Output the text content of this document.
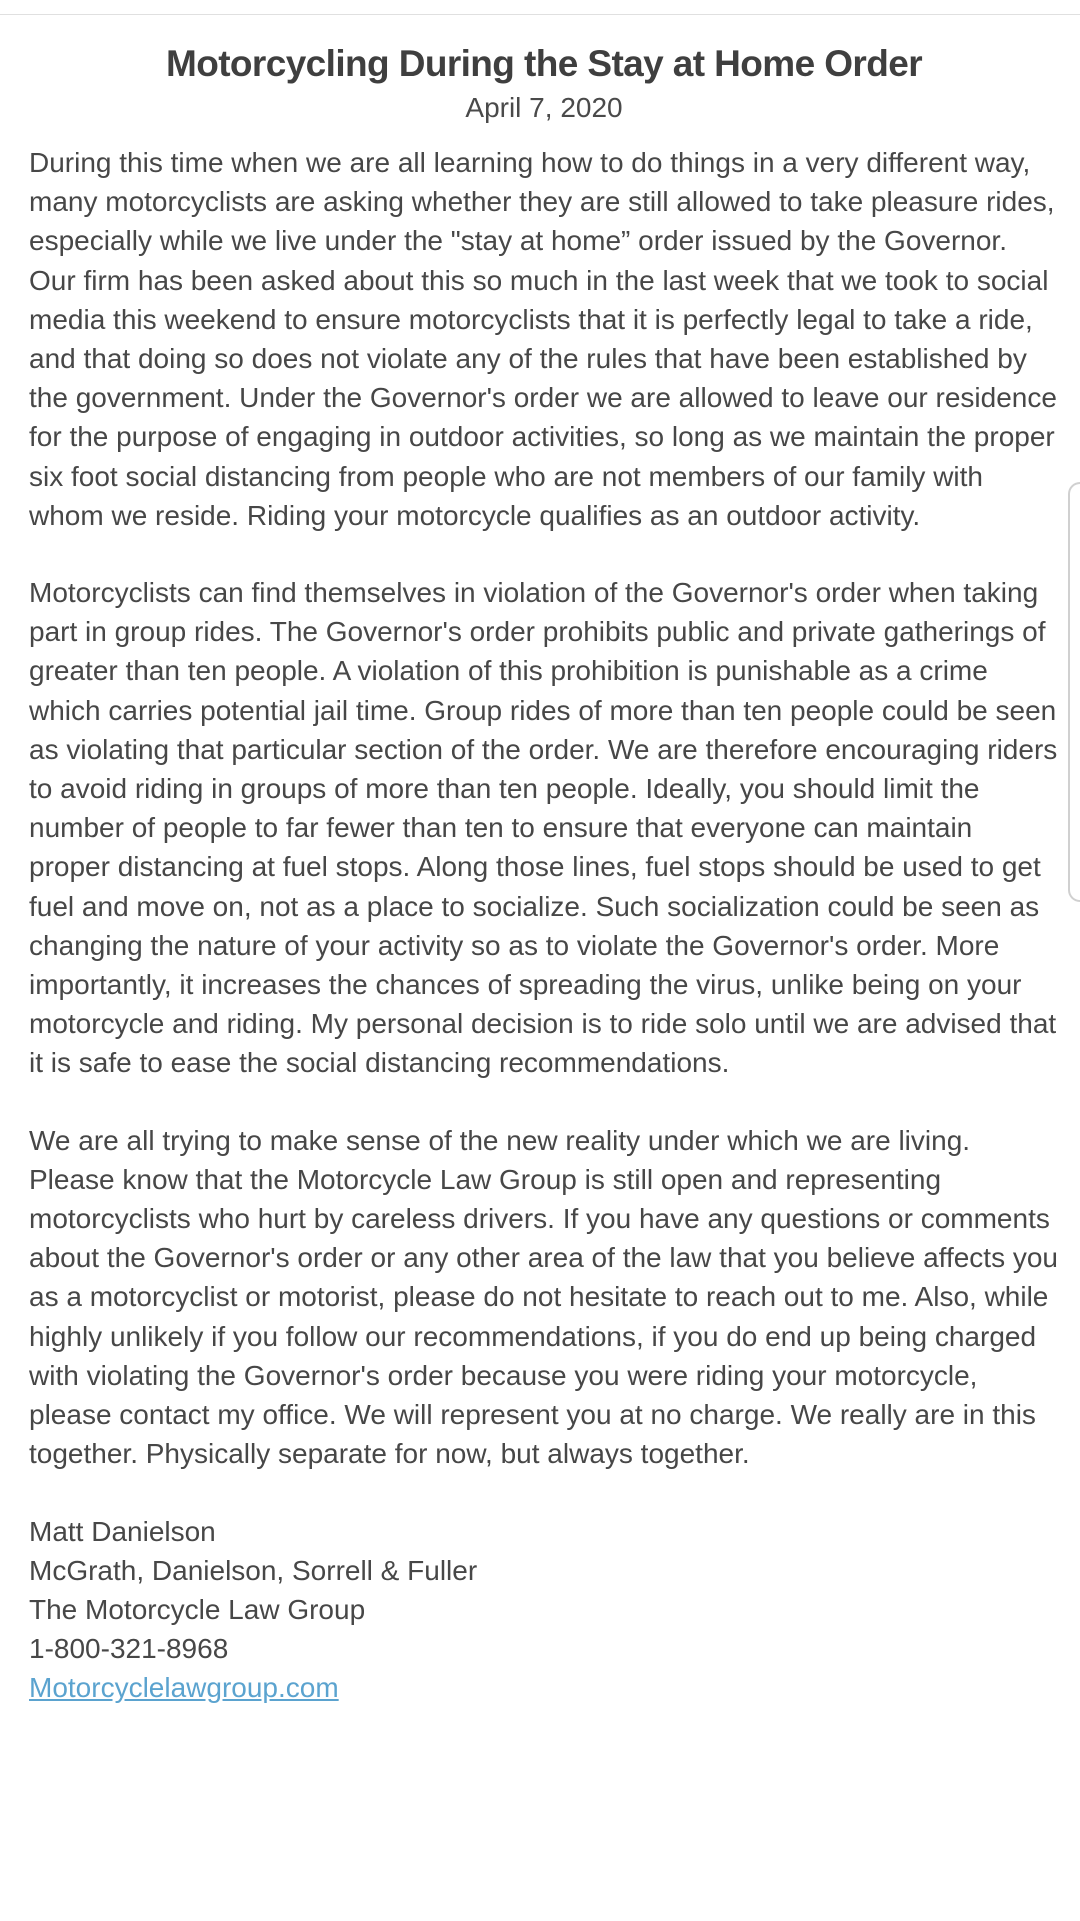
Motorcycling During the Stay at Home Order
April 7, 2020

During this time when we are all learning how to do things in a very different way, many motorcyclists are asking whether they are still allowed to take pleasure rides, especially while we live under the "stay at home” order issued by the Governor. Our firm has been asked about this so much in the last week that we took to social media this weekend to ensure motorcyclists that it is perfectly legal to take a ride, and that doing so does not violate any of the rules that have been established by the government. Under the Governor's order we are allowed to leave our residence for the purpose of engaging in outdoor activities, so long as we maintain the proper six foot social distancing from people who are not members of our family with whom we reside. Riding your motorcycle qualifies as an outdoor activity.

Motorcyclists can find themselves in violation of the Governor's order when taking part in group rides. The Governor's order prohibits public and private gatherings of greater than ten people. A violation of this prohibition is punishable as a crime which carries potential jail time. Group rides of more than ten people could be seen as violating that particular section of the order. We are therefore encouraging riders to avoid riding in groups of more than ten people. Ideally, you should limit the number of people to far fewer than ten to ensure that everyone can maintain proper distancing at fuel stops. Along those lines, fuel stops should be used to get fuel and move on, not as a place to socialize. Such socialization could be seen as changing the nature of your activity so as to violate the Governor's order. More importantly, it increases the chances of spreading the virus, unlike being on your motorcycle and riding. My personal decision is to ride solo until we are advised that it is safe to ease the social distancing recommendations.

We are all trying to make sense of the new reality under which we are living. Please know that the Motorcycle Law Group is still open and representing motorcyclists who hurt by careless drivers. If you have any questions or comments about the Governor's order or any other area of the law that you believe affects you as a motorcyclist or motorist, please do not hesitate to reach out to me. Also, while highly unlikely if you follow our recommendations, if you do end up being charged with violating the Governor's order because you were riding your motorcycle, please contact my office. We will represent you at no charge. We really are in this together. Physically separate for now, but always together.

Matt Danielson
McGrath, Danielson, Sorrell & Fuller
The Motorcycle Law Group
1-800-321-8968
Motorcyclelawgroup.com
